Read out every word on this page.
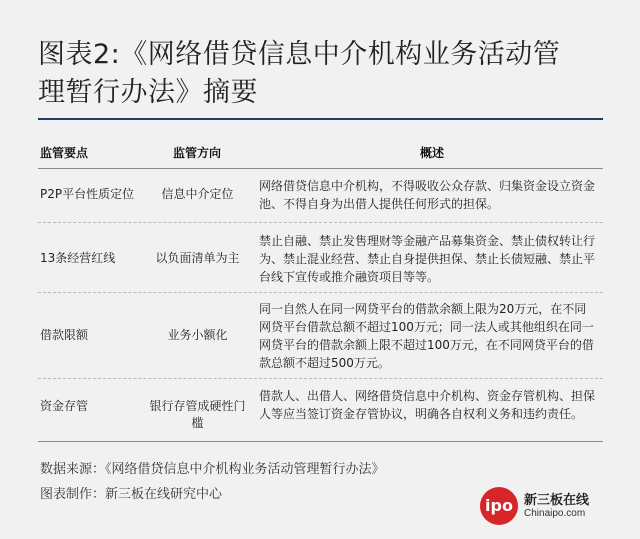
图表2:《网络借贷信息中介机构业务活动管
理暂行办法》摘要
监管要点	监管方向	概述
P2P平台性质定位	信息中介定位
网络借贷信息中介机构，不得吸收公众存款、归集资金设立资金
池、不得自身为出借人提供任何形式的担保。
13条经营红线	以负面清单为主
禁止自融、禁止发售理财等金融产品募集资金、禁止债权转让行
为、禁止混业经营、禁止自身提供担保、禁止长债短融、禁止平
台线下宣传或推介融资项目等等。
借款限额	业务小额化
同一自然人在同一网贷平台的借款余额上限为20万元，在不同
网贷平台借款总额不超过100万元；同一法人或其他组织在同一
网贷平台的借款余额上限不超过100万元，在不同网贷平台的借
款总额不超过500万元。
资金存管	银行存管成硬性门槛
借款人、出借人、网络借贷信息中介机构、资金存管机构、担保
人等应当签订资金存管协议，明确各自权利义务和违约责任。
数据来源：《网络借贷信息中介机构业务活动管理暂行办法》
图表制作：新三板在线研究中心
ipo 新三板在线
Chinaipo.com
